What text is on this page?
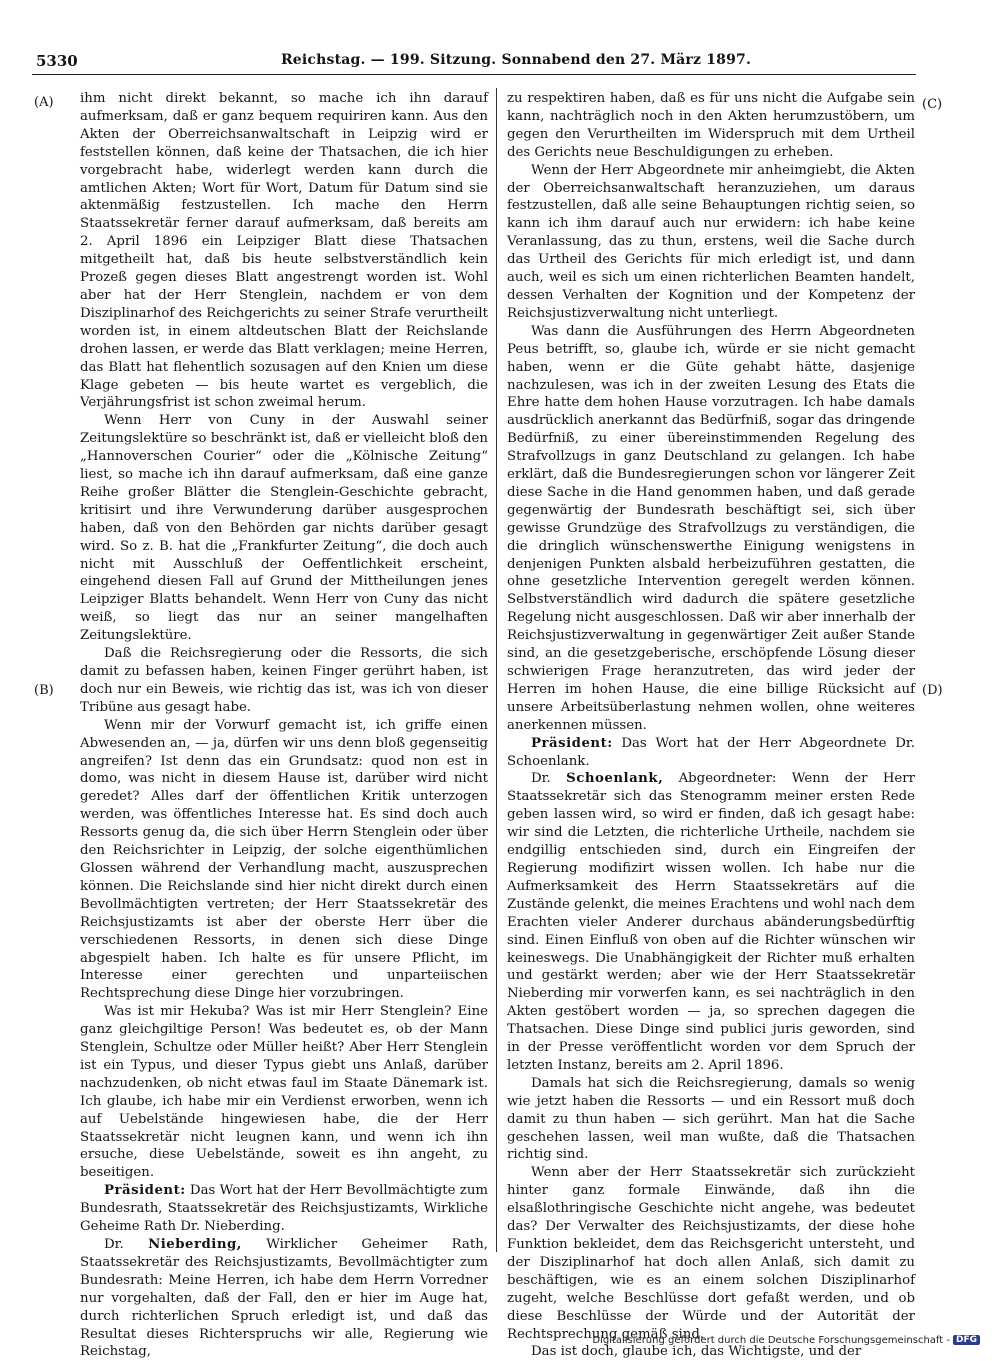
5330	Reichstag. — 199. Sitzung. Sonnabend den 27. März 1897.
(A)
(B)
(C)
(D)

ihm nicht direkt bekannt, so mache ich ihn darauf aufmerksam, daß er ganz bequem requiriren kann. Aus den Akten der Oberreichsanwaltschaft in Leipzig wird er feststellen können, daß keine der Thatsachen, die ich hier vorgebracht habe, widerlegt werden kann durch die amtlichen Akten; Wort für Wort, Datum für Datum sind sie aktenmäßig festzustellen. Ich mache den Herrn Staatssekretär ferner darauf aufmerksam, daß bereits am 2. April 1896 ein Leipziger Blatt diese Thatsachen mitgetheilt hat, daß bis heute selbstverständlich kein Prozeß gegen dieses Blatt angestrengt worden ist. Wohl aber hat der Herr Stenglein, nachdem er von dem Disziplinarhof des Reichgerichts zu seiner Strafe verurtheilt worden ist, in einem altdeutschen Blatt der Reichslande drohen lassen, er werde das Blatt verklagen; meine Herren, das Blatt hat flehentlich sozusagen auf den Knien um diese Klage gebeten — bis heute wartet es vergeblich, die Verjährungsfrist ist schon zweimal herum.

Wenn Herr von Cuny in der Auswahl seiner Zeitungslektüre so beschränkt ist, daß er vielleicht bloß den „Hannoverschen Courier“ oder die „Kölnische Zeitung“ liest, so mache ich ihn darauf aufmerksam, daß eine ganze Reihe großer Blätter die Stenglein-Geschichte gebracht, kritisirt und ihre Verwunderung darüber ausgesprochen haben, daß von den Behörden gar nichts darüber gesagt wird. So z. B. hat die „Frankfurter Zeitung“, die doch auch nicht mit Ausschluß der Oeffentlichkeit erscheint, eingehend diesen Fall auf Grund der Mittheilungen jenes Leipziger Blatts behandelt. Wenn Herr von Cuny das nicht weiß, so liegt das nur an seiner mangelhaften Zeitungslektüre.

Daß die Reichsregierung oder die Ressorts, die sich damit zu befassen haben, keinen Finger gerührt haben, ist doch nur ein Beweis, wie richtig das ist, was ich von dieser Tribüne aus gesagt habe.

Wenn mir der Vorwurf gemacht ist, ich griffe einen Abwesenden an, — ja, dürfen wir uns denn bloß gegenseitig angreifen? Ist denn das ein Grundsatz: quod non est in domo, was nicht in diesem Hause ist, darüber wird nicht geredet? Alles darf der öffentlichen Kritik unterzogen werden, was öffentliches Interesse hat. Es sind doch auch Ressorts genug da, die sich über Herrn Stenglein oder über den Reichsrichter in Leipzig, der solche eigenthümlichen Glossen während der Verhandlung macht, auszusprechen können. Die Reichslande sind hier nicht direkt durch einen Bevollmächtigten vertreten; der Herr Staatssekretär des Reichsjustizamts ist aber der oberste Herr über die verschiedenen Ressorts, in denen sich diese Dinge abgespielt haben. Ich halte es für unsere Pflicht, im Interesse einer gerechten und unparteiischen Rechtsprechung diese Dinge hier vorzubringen.

Was ist mir Hekuba? Was ist mir Herr Stenglein? Eine ganz gleichgiltige Person! Was bedeutet es, ob der Mann Stenglein, Schultze oder Müller heißt? Aber Herr Stenglein ist ein Typus, und dieser Typus giebt uns Anlaß, darüber nachzudenken, ob nicht etwas faul im Staate Dänemark ist. Ich glaube, ich habe mir ein Verdienst erworben, wenn ich auf Uebelstände hingewiesen habe, die der Herr Staatssekretär nicht leugnen kann, und wenn ich ihn ersuche, diese Uebelstände, soweit es ihn angeht, zu beseitigen.

Präsident: Das Wort hat der Herr Bevollmächtigte zum Bundesrath, Staatssekretär des Reichsjustizamts, Wirkliche Geheime Rath Dr. Nieberding.

Dr. Nieberding, Wirklicher Geheimer Rath, Staatssekretär des Reichsjustizamts, Bevollmächtigter zum Bundesrath: Meine Herren, ich habe dem Herrn Vorredner nur vorgehalten, daß der Fall, den er hier im Auge hat, durch richterlichen Spruch erledigt ist, und daß das Resultat dieses Richterspruchs wir alle, Regierung wie Reichstag,

zu respektiren haben, daß es für uns nicht die Aufgabe sein kann, nachträglich noch in den Akten herumzustöbern, um gegen den Verurtheilten im Widerspruch mit dem Urtheil des Gerichts neue Beschuldigungen zu erheben.

Wenn der Herr Abgeordnete mir anheimgiebt, die Akten der Oberreichsanwaltschaft heranzuziehen, um daraus festzustellen, daß alle seine Behauptungen richtig seien, so kann ich ihm darauf auch nur erwidern: ich habe keine Veranlassung, das zu thun, erstens, weil die Sache durch das Urtheil des Gerichts für mich erledigt ist, und dann auch, weil es sich um einen richterlichen Beamten handelt, dessen Verhalten der Kognition und der Kompetenz der Reichsjustizverwaltung nicht unterliegt.

Was dann die Ausführungen des Herrn Abgeordneten Peus betrifft, so, glaube ich, würde er sie nicht gemacht haben, wenn er die Güte gehabt hätte, dasjenige nachzulesen, was ich in der zweiten Lesung des Etats die Ehre hatte dem hohen Hause vorzutragen. Ich habe damals ausdrücklich anerkannt das Bedürfniß, sogar das dringende Bedürfniß, zu einer übereinstimmenden Regelung des Strafvollzugs in ganz Deutschland zu gelangen. Ich habe erklärt, daß die Bundesregierungen schon vor längerer Zeit diese Sache in die Hand genommen haben, und daß gerade gegenwärtig der Bundesrath beschäftigt sei, sich über gewisse Grundzüge des Strafvollzugs zu verständigen, die die dringlich wünschenswerthe Einigung wenigstens in denjenigen Punkten alsbald herbeizuführen gestatten, die ohne gesetzliche Intervention geregelt werden können. Selbstverständlich wird dadurch die spätere gesetzliche Regelung nicht ausgeschlossen. Daß wir aber innerhalb der Reichsjustizverwaltung in gegenwärtiger Zeit außer Stande sind, an die gesetzgeberische, erschöpfende Lösung dieser schwierigen Frage heranzutreten, das wird jeder der Herren im hohen Hause, die eine billige Rücksicht auf unsere Arbeitsüberlastung nehmen wollen, ohne weiteres anerkennen müssen.

Präsident: Das Wort hat der Herr Abgeordnete Dr. Schoenlank.

Dr. Schoenlank, Abgeordneter: Wenn der Herr Staatssekretär sich das Stenogramm meiner ersten Rede geben lassen wird, so wird er finden, daß ich gesagt habe: wir sind die Letzten, die richterliche Urtheile, nachdem sie endgillig entschieden sind, durch ein Eingreifen der Regierung modifizirt wissen wollen. Ich habe nur die Aufmerksamkeit des Herrn Staatssekretärs auf die Zustände gelenkt, die meines Erachtens und wohl nach dem Erachten vieler Anderer durchaus abänderungsbedürftig sind. Einen Einfluß von oben auf die Richter wünschen wir keineswegs. Die Unabhängigkeit der Richter muß erhalten und gestärkt werden; aber wie der Herr Staatssekretär Nieberding mir vorwerfen kann, es sei nachträglich in den Akten gestöbert worden — ja, so sprechen dagegen die Thatsachen. Diese Dinge sind publici juris geworden, sind in der Presse veröffentlicht worden vor dem Spruch der letzten Instanz, bereits am 2. April 1896.

Damals hat sich die Reichsregierung, damals so wenig wie jetzt haben die Ressorts — und ein Ressort muß doch damit zu thun haben — sich gerührt. Man hat die Sache geschehen lassen, weil man wußte, daß die Thatsachen richtig sind.

Wenn aber der Herr Staatssekretär sich zurückzieht hinter ganz formale Einwände, daß ihn die elsaßlothringische Geschichte nicht angehe, was bedeutet das? Der Verwalter des Reichsjustizamts, der diese hohe Funktion bekleidet, dem das Reichsgericht untersteht, und der Disziplinarhof hat doch allen Anlaß, sich damit zu beschäftigen, wie es an einem solchen Disziplinarhof zugeht, welche Beschlüsse dort gefaßt werden, und ob diese Beschlüsse der Würde und der Autorität der Rechtsprechung gemäß sind.

Das ist doch, glaube ich, das Wichtigste, und der

Digitalisierung gefördert durch die Deutsche Forschungsgemeinschaft - DFG
